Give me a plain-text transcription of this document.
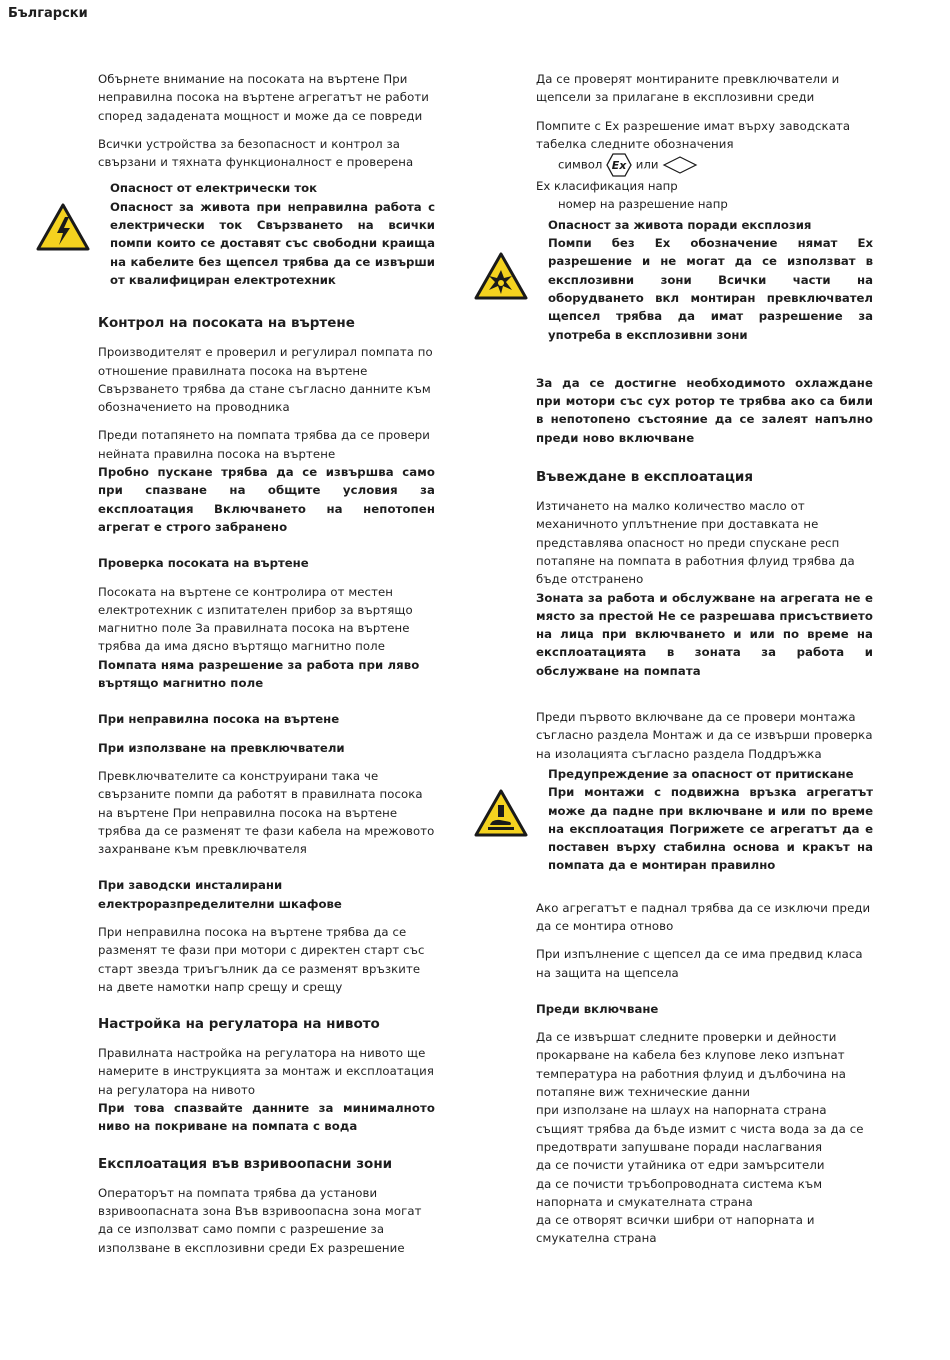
Български

Обърнете внимание на посоката на въртене При неправилна посока на въртене агрегатът не работи според зададената мощност и може да се повреди

Всички устройства за безопасност и контрол за свързани и тяхната функционалност е проверена

Опасност от електрически ток
Опасност за живота при неправилна работа с електрически ток Свързването на всички помпи които се доставят със свободни краища на кабелите без щепсел трябва да се извърши от квалифициран електротехник
Контрол на посоката на въртене

Производителят е проверил и регулирал помпата по отношение правилната посока на въртене Свързването трябва да стане съгласно данните към обозначението на проводника

Преди потапянето на помпата трябва да се провери нейната правилна посока на въртене
Пробно пускане трябва да се извършва само при спазване на общите условия за експлоатация Включването на непотопен агрегат е строго забранено

Проверка посоката на въртене

Посоката на въртене се контролира от местен електротехник с изпитателен прибор за въртящо магнитно поле За правилната посока на въртене трябва да има дясно въртящо магнитно поле
Помпата няма разрешение за работа при ляво въртящо магнитно поле

При неправилна посока на въртене
При използване на превключватели

Превключвателите са конструирани така че свързаните помпи да работят в правилната посока на въртене При неправилна посока на въртене трябва да се разменят те фази кабела на мрежовото захранване към превключвателя

При заводски инсталирани електроразпределителни шкафове

При неправилна посока на въртене трябва да се разменят те фази при мотори с директен старт със старт звезда триъгълник да се разменят връзките на двете намотки напр срещу и срещу

Настройка на регулатора на нивото

Правилната настройка на регулатора на нивото ще намерите в инструкцията за монтаж и експлоатация на регулатора на нивото
При това спазвайте данните за минималното ниво на покриване на помпата с вода

Експлоатация във взривоопасни зони

Операторът на помпата трябва да установи взривоопасната зона Във взривоопасна зона могат да се използват само помпи с разрешение за използване в експлозивни среди Ex разрешение

Да се проверят монтираните превключватели и щепсели за прилагане в експлозивни среди

Помпите с Ex разрешение имат върху заводската табелка следните обозначения

символ Ex или
Ex класификация напр
номер на разрешение напр
Опасност за живота поради експлозия
Помпи без Ex обозначение нямат Ex разрешение и не могат да се използват в експлозивни зони Всички части на оборудването вкл монтиран превключвател щепсел трябва да имат разрешение за употреба в експлозивни зони

За да се достигне необходимото охлаждане при мотори със сух ротор те трябва ако са били в непотопено състояние да се залеят напълно преди ново включване

Въвеждане в експлоатация

Изтичането на малко количество масло от механичното уплътнение при доставката не представлява опасност но преди спускане респ потапяне на помпата в работния флуид трябва да бъде отстранено
Зоната за работа и обслужване на агрегата не е място за престой Не се разрешава присъствието на лица при включването и или по време на експлоатацията в зоната за работа и обслужване на помпата

Преди първото включване да се провери монтажа съгласно раздела Монтаж и да се извърши проверка на изолацията съгласно раздела Поддръжка

Предупреждение за опасност от притискане
При монтажи с подвижна връзка агрегатът може да падне при включване и или по време на експлоатация Погрижете се агрегатът да е поставен върху стабилна основа и кракът на помпата да е монтиран правилно

Ако агрегатът е паднал трябва да се изключи преди да се монтира отново

При изпълнение с щепсел да се има предвид класа на защита на щепсела

Преди включване
Да се извършат следните проверки и дейности
прокарване на кабела без клупове леко изпънат
температура на работния флуид и дълбочина на потапяне виж технические данни
при използане на шлаух на напорната страна същият трябва да бъде измит с чиста вода за да се предотврати запушване поради наслагвания
да се почисти утайника от едри замърсители
да се почисти тръбопроводната система към напорната и смукателната страна
да се отворят всички шибри от напорната и смукателна страна
